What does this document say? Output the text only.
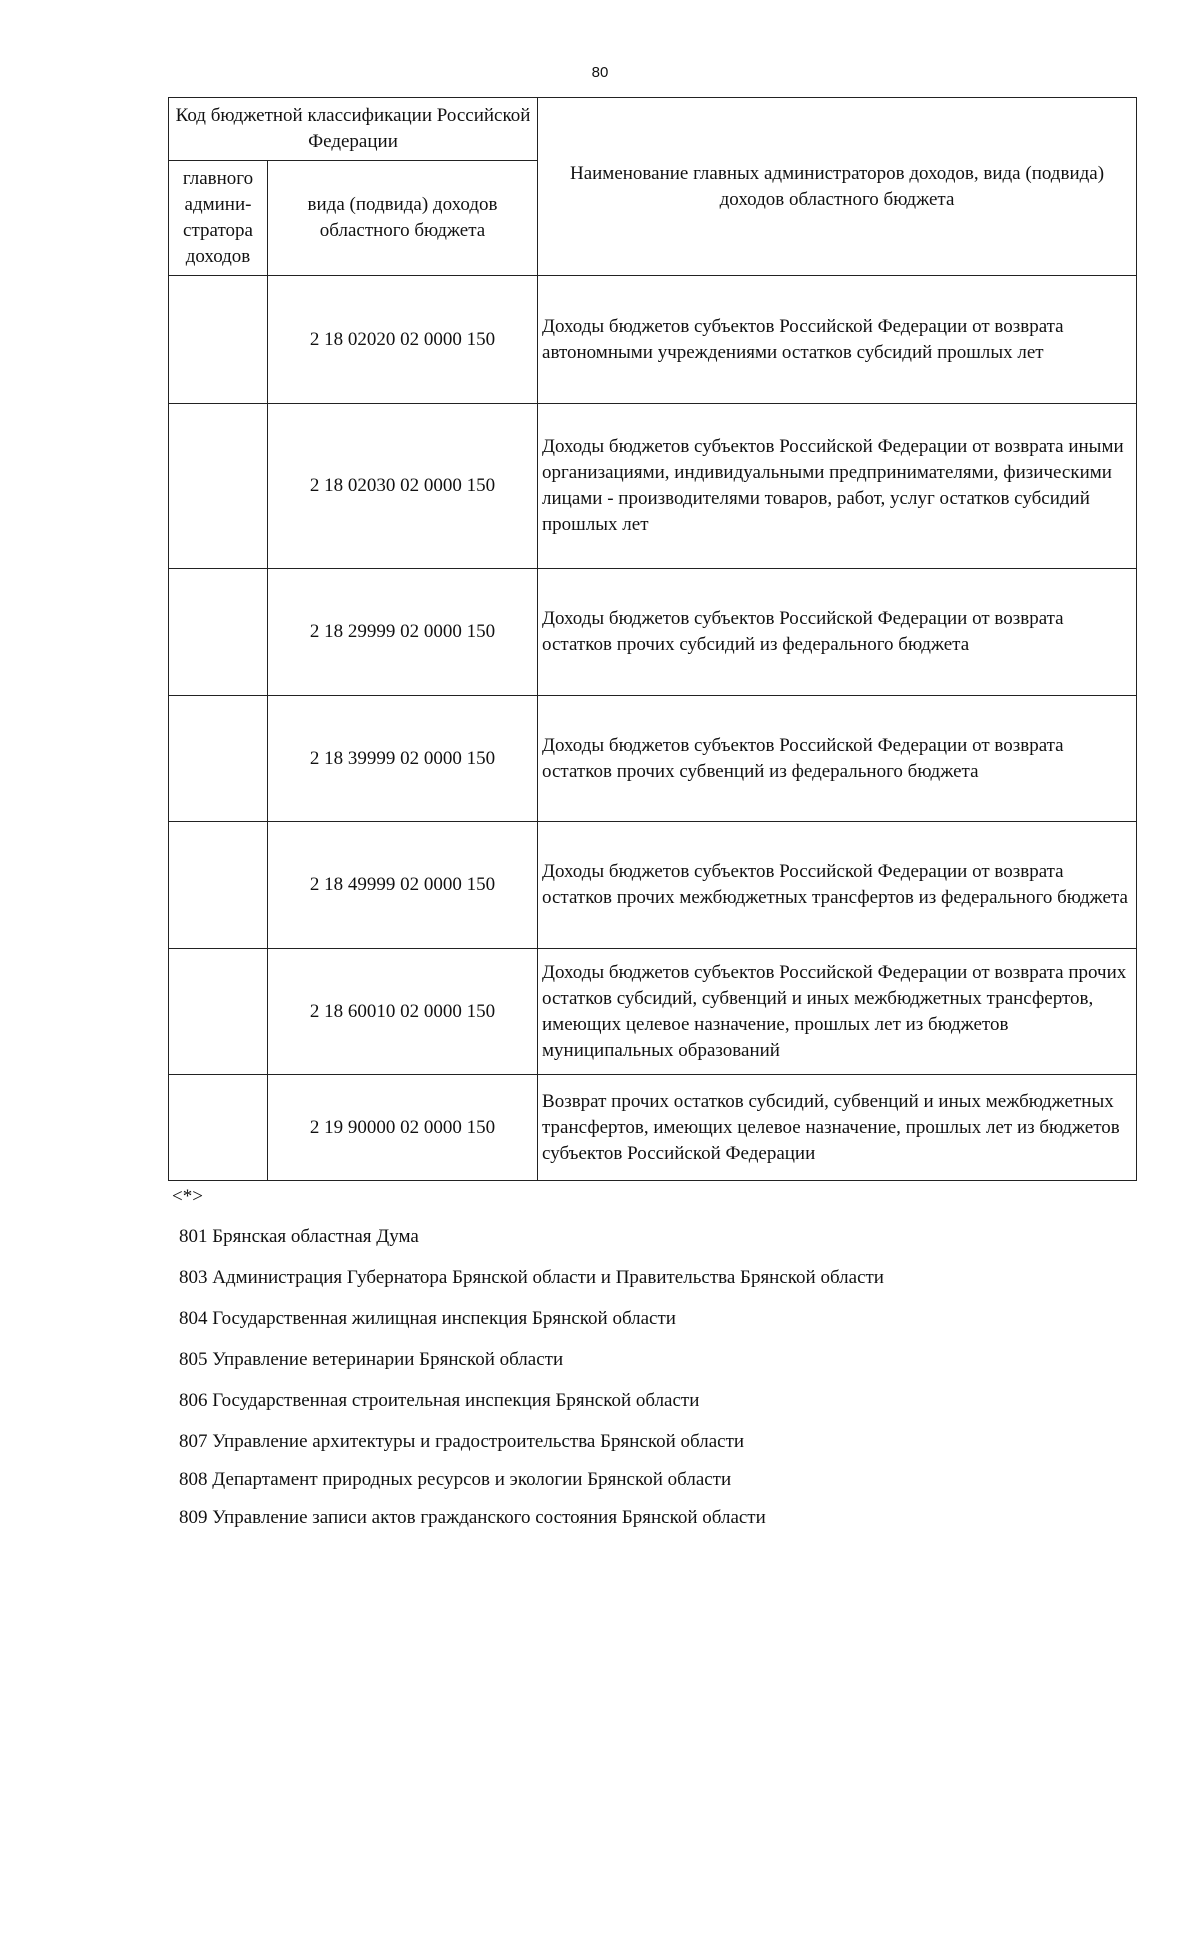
80
Код бюджетной классификации Российской Федерации		Наименование главных администраторов доходов, вида (подвида) доходов областного бюджета
главного админи-стратора доходов	вида (подвида) доходов областного бюджета	
	2 18 02020 02 0000 150	Доходы бюджетов субъектов Российской Федерации от возврата автономными учреждениями остатков субсидий прошлых лет
	2 18 02030 02 0000 150	Доходы бюджетов субъектов Российской Федерации от возврата иными организациями, индивидуальными предпринимателями, физическими лицами - производителями товаров, работ, услуг остатков субсидий прошлых лет
	2 18 29999 02 0000 150	Доходы бюджетов субъектов Российской Федерации от возврата остатков прочих субсидий из федерального бюджета
	2 18 39999 02 0000 150	Доходы бюджетов субъектов Российской Федерации от возврата остатков прочих субвенций из федерального бюджета
	2 18 49999 02 0000 150	Доходы бюджетов субъектов Российской Федерации от возврата остатков прочих межбюджетных трансфертов из федерального бюджета
	2 18 60010 02 0000 150	Доходы бюджетов субъектов Российской Федерации от возврата прочих остатков субсидий, субвенций и иных межбюджетных трансфертов, имеющих целевое назначение, прошлых лет из бюджетов муниципальных образований
	2 19 90000 02 0000 150	Возврат прочих остатков субсидий, субвенций и иных межбюджетных трансфертов, имеющих целевое назначение, прошлых лет из бюджетов субъектов Российской Федерации
<*>
801 Брянская областная Дума
803 Администрация Губернатора Брянской области и Правительства Брянской области
804 Государственная жилищная инспекция Брянской области
805 Управление ветеринарии Брянской области
806 Государственная строительная инспекция Брянской области
807 Управление архитектуры и градостроительства Брянской области
808 Департамент природных ресурсов и экологии Брянской области
809 Управление записи актов гражданского состояния Брянской области
